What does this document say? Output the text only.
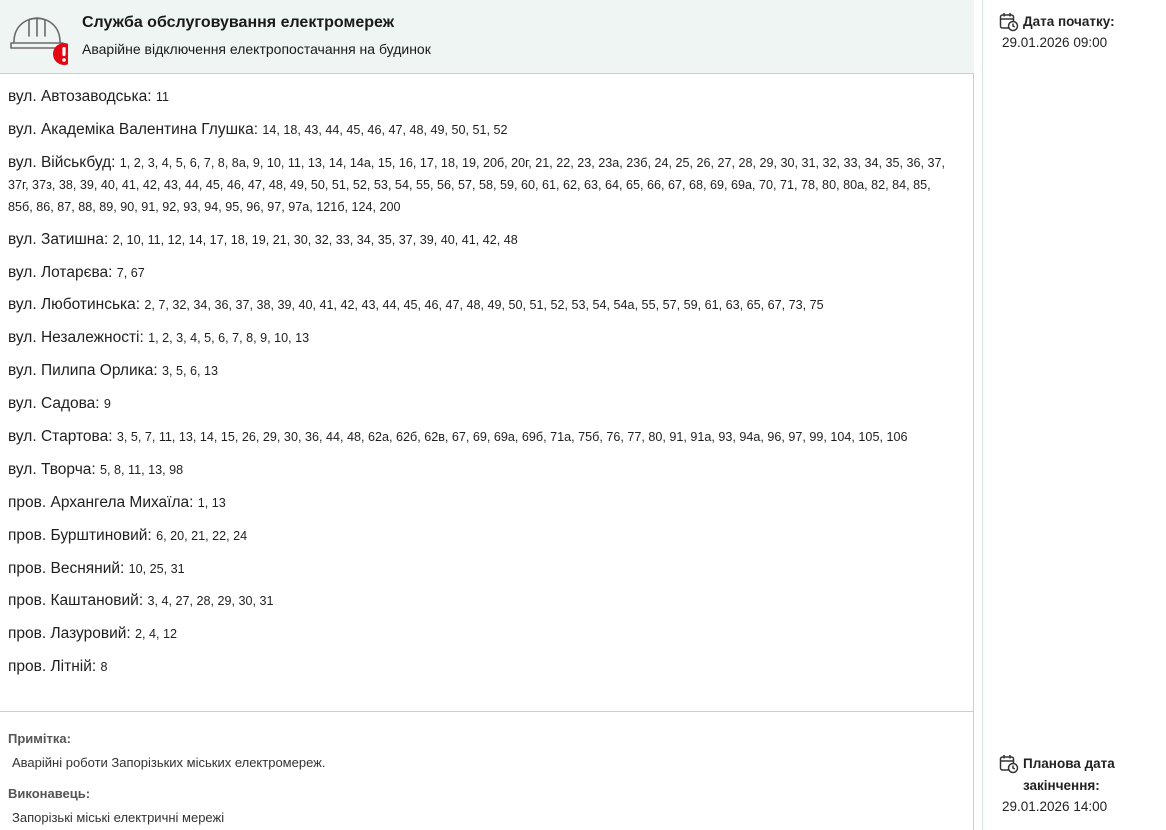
Служба обслуговування електромереж
Аварійне відключення електропостачання на будинок
вул. Автозаводська: 11
вул. Академіка Валентина Глушка: 14, 18, 43, 44, 45, 46, 47, 48, 49, 50, 51, 52
вул. Військбуд: 1, 2, 3, 4, 5, 6, 7, 8, 8а, 9, 10, 11, 13, 14, 14а, 15, 16, 17, 18, 19, 20б, 20г, 21, 22, 23, 23а, 23б, 24, 25, 26, 27, 28, 29, 30, 31, 32, 33, 34, 35, 36, 37, 37г, 37з, 38, 39, 40, 41, 42, 43, 44, 45, 46, 47, 48, 49, 50, 51, 52, 53, 54, 55, 56, 57, 58, 59, 60, 61, 62, 63, 64, 65, 66, 67, 68, 69, 69а, 70, 71, 78, 80, 80а, 82, 84, 85, 85б, 86, 87, 88, 89, 90, 91, 92, 93, 94, 95, 96, 97, 97а, 121б, 124, 200
вул. Затишна: 2, 10, 11, 12, 14, 17, 18, 19, 21, 30, 32, 33, 34, 35, 37, 39, 40, 41, 42, 48
вул. Лотарєва: 7, 67
вул. Люботинська: 2, 7, 32, 34, 36, 37, 38, 39, 40, 41, 42, 43, 44, 45, 46, 47, 48, 49, 50, 51, 52, 53, 54, 54а, 55, 57, 59, 61, 63, 65, 67, 73, 75
вул. Незалежності: 1, 2, 3, 4, 5, 6, 7, 8, 9, 10, 13
вул. Пилипа Орлика: 3, 5, 6, 13
вул. Садова: 9
вул. Стартова: 3, 5, 7, 11, 13, 14, 15, 26, 29, 30, 36, 44, 48, 62а, 62б, 62в, 67, 69, 69а, 69б, 71а, 75б, 76, 77, 80, 91, 91а, 93, 94а, 96, 97, 99, 104, 105, 106
вул. Творча: 5, 8, 11, 13, 98
пров. Архангела Михаїла: 1, 13
пров. Бурштиновий: 6, 20, 21, 22, 24
пров. Весняний: 10, 25, 31
пров. Каштановий: 3, 4, 27, 28, 29, 30, 31
пров. Лазуровий: 2, 4, 12
пров. Літній: 8
Примітка:
Аварійні роботи Запорізьких міських електромереж.
Виконавець:
Запорізькі міські електричні мережі
Дата початку:
29.01.2026 09:00
Планова дата закінчення:
29.01.2026 14:00
